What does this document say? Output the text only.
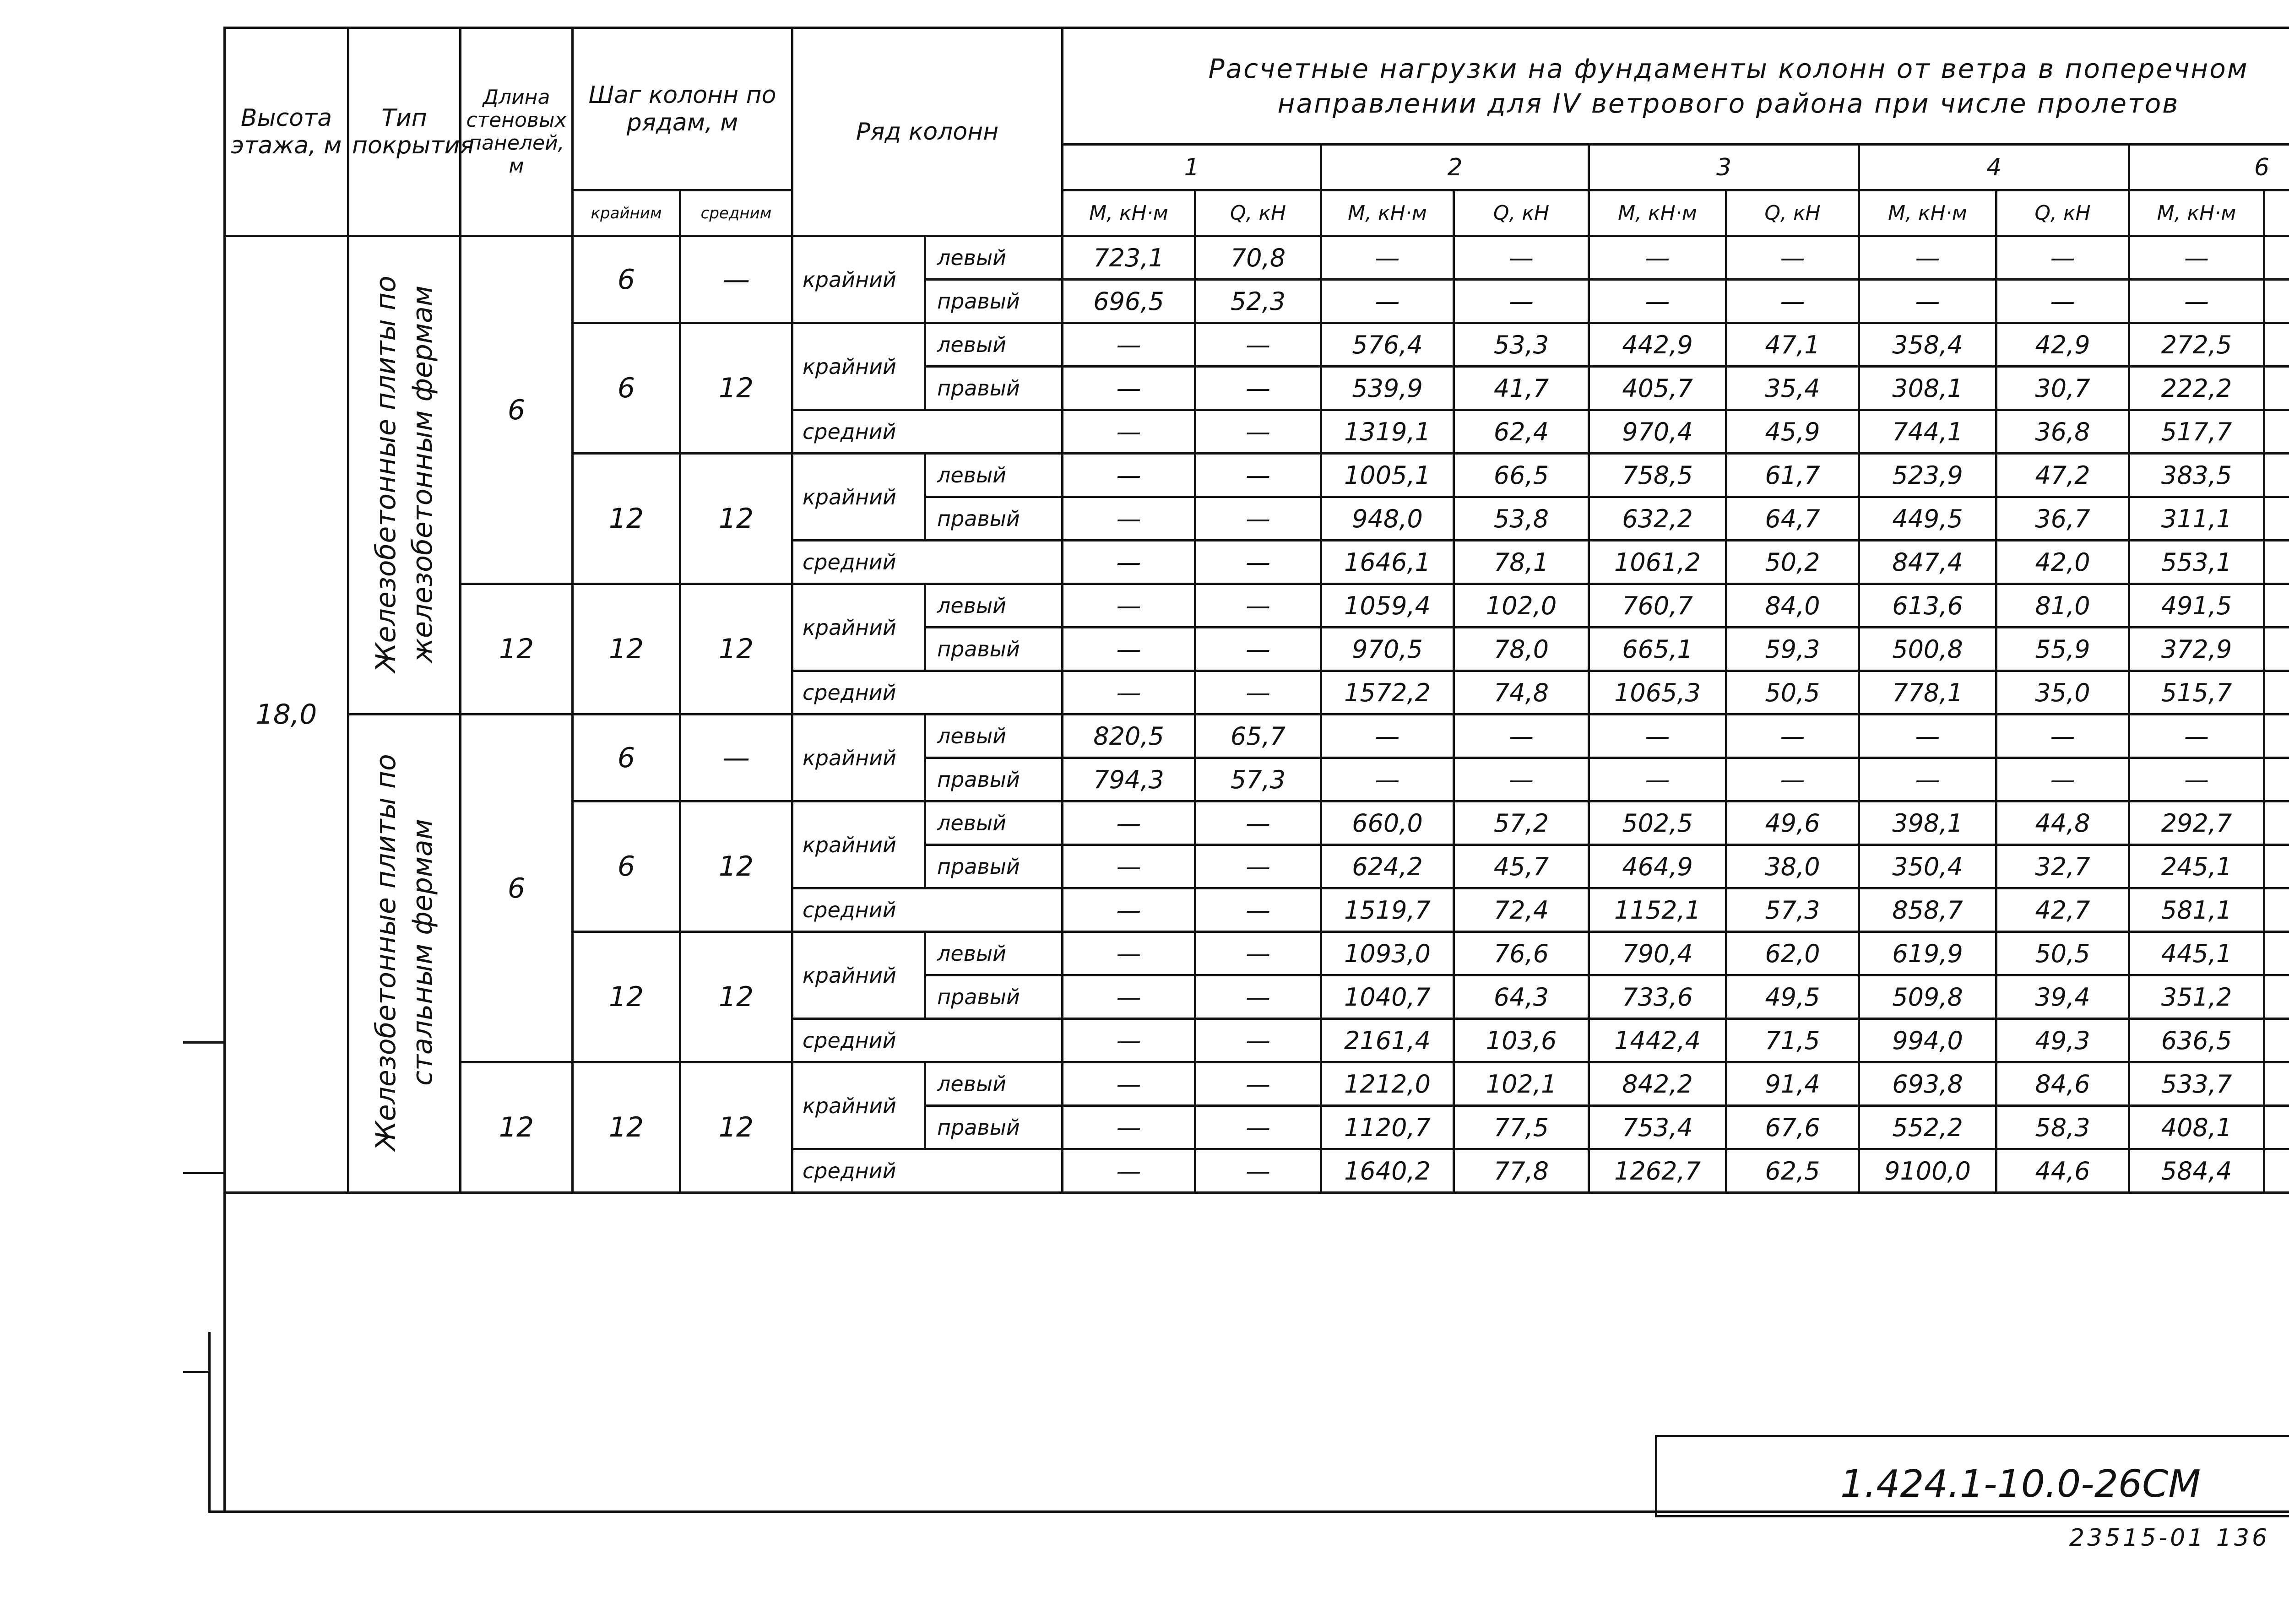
Высота этажа, м	Тип покрытия	Длина стеновых панелей, м	Шаг колонн по рядам, м		Ряд колонн		Расчетные нагрузки на фундаменты колонн от ветра в поперечном
направлении для IV ветрового района при числе пролетов									

							1		2		3		4		6	
			крайним	средним			М, кН·м	Q, кН	М, кН·м	Q, кН	М, кН·м	Q, кН	М, кН·м	Q, кН	М, кН·м	
18,0	Железобетонные плиты по железобетонным фермам	6	6	—	крайний	левый	723,1	70,8	—	—	—	—	—	—	—	
						правый	696,5	52,3	—	—	—	—	—	—	—	
			6	12	крайний	левый	—	—	576,4	53,3	442,9	47,1	358,4	42,9	272,5	
						правый	—	—	539,9	41,7	405,7	35,4	308,1	30,7	222,2	
					средний		—	—	1319,1	62,4	970,4	45,9	744,1	36,8	517,7	
			12	12	крайний	левый	—	—	1005,1	66,5	758,5	61,7	523,9	47,2	383,5	
						правый	—	—	948,0	53,8	632,2	64,7	449,5	36,7	311,1	
					средний		—	—	1646,1	78,1	1061,2	50,2	847,4	42,0	553,1	
		12	12	12	крайний	левый	—	—	1059,4	102,0	760,7	84,0	613,6	81,0	491,5	
						правый	—	—	970,5	78,0	665,1	59,3	500,8	55,9	372,9	
					средний		—	—	1572,2	74,8	1065,3	50,5	778,1	35,0	515,7	
	Железобетонные плиты по стальным фермам	6	6	—	крайний	левый	820,5	65,7	—	—	—	—	—	—	—	
						правый	794,3	57,3	—	—	—	—	—	—	—	
			6	12	крайний	левый	—	—	660,0	57,2	502,5	49,6	398,1	44,8	292,7	
						правый	—	—	624,2	45,7	464,9	38,0	350,4	32,7	245,1	
					средний		—	—	1519,7	72,4	1152,1	57,3	858,7	42,7	581,1	
			12	12	крайний	левый	—	—	1093,0	76,6	790,4	62,0	619,9	50,5	445,1	
						правый	—	—	1040,7	64,3	733,6	49,5	509,8	39,4	351,2	
					средний		—	—	2161,4	103,6	1442,4	71,5	994,0	49,3	636,5	
		12	12	12	крайний	левый	—	—	1212,0	102,1	842,2	91,4	693,8	84,6	533,7	
						правый	—	—	1120,7	77,5	753,4	67,6	552,2	58,3	408,1	
					средний		—	—	1640,2	77,8	1262,7	62,5	9100,0	44,6	584,4	
1.424.1-10.0-26СМ
23515-01 136
